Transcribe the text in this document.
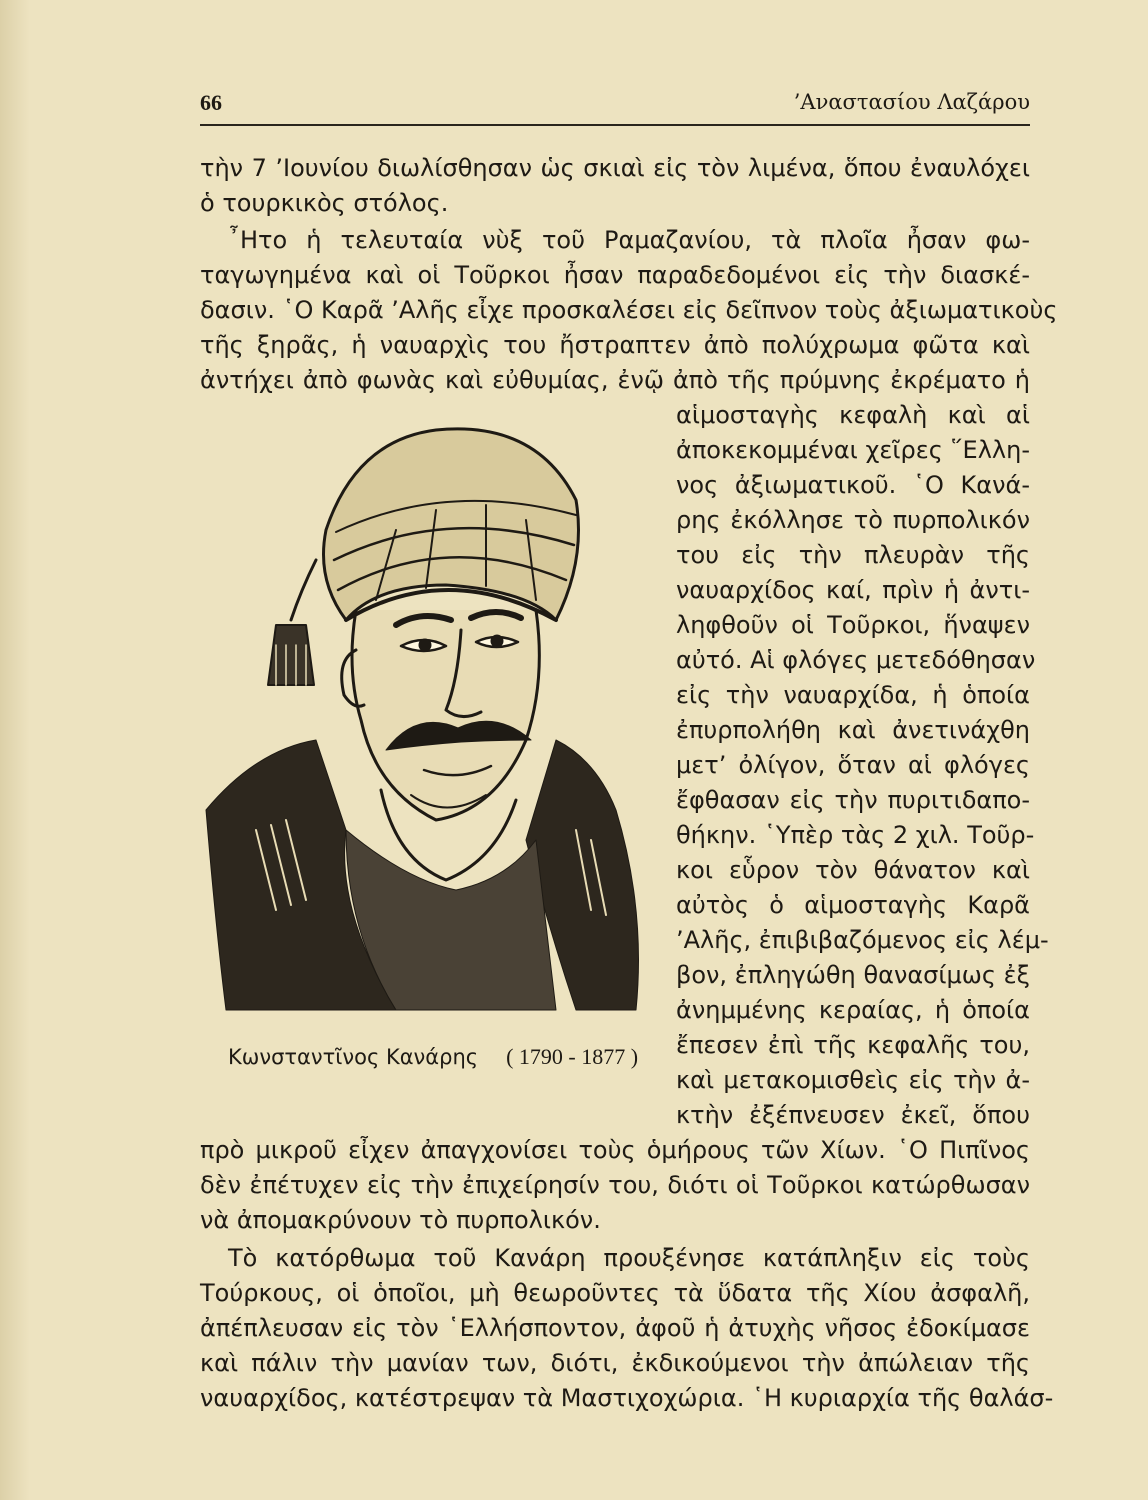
66	’Αναστασίου Λαζάρου

τὴν 7 ’Ιουνίου διωλίσθησαν ὡς σκιαὶ εἰς τὸν λιμένα, ὅπου ἐναυλόχει

ὁ τουρκικὸς στόλος.

῏Ητο ἡ τελευταία νὺξ τοῦ Ραμαζανίου, τὰ πλοῖα ἦσαν φω-

ταγωγημένα καὶ οἱ Τοῦρκοι ἦσαν παραδεδομένοι εἰς τὴν διασκέ-

δασιν. ῾Ο Καρᾶ ’Αλῆς εἶχε προσκαλέσει εἰς δεῖπνον τοὺς ἀξιωματικοὺς

τῆς ξηρᾶς, ἡ ναυαρχὶς του ἤστραπτεν ἀπὸ πολύχρωμα φῶτα καὶ

ἀντήχει ἀπὸ φωνὰς καὶ εὐθυμίας, ἐνῷ ἀπὸ τῆς πρύμνης ἐκρέματο ἡ

αἱμοσταγὴς κεφαλὴ καὶ αἱ

ἀποκεκομμέναι χεῖρες ῞Ελλη-

νος ἀξιωματικοῦ. ῾Ο Κανά-

ρης ἐκόλλησε τὸ πυρπολικόν

του εἰς τὴν πλευρὰν τῆς

ναυαρχίδος καί, πρὶν ἡ ἀντι-

ληφθοῦν οἱ Τοῦρκοι, ἥναψεν

αὐτό. Αἱ φλόγες μετεδόθησαν

εἰς τὴν ναυαρχίδα, ἡ ὁποία

ἐπυρπολήθη καὶ ἀνετινάχθη

μετ’ ὀλίγον, ὅταν αἱ φλόγες

ἔφθασαν εἰς τὴν πυριτιδαπο-

θήκην. ῾Υπὲρ τὰς 2 χιλ. Τοῦρ-

κοι εὗρον τὸν θάνατον καὶ

αὐτὸς ὁ αἱμοσταγὴς Καρᾶ

’Αλῆς, ἐπιβιβαζόμενος εἰς λέμ-

βον, ἐπληγώθη θανασίμως ἐξ

ἀνημμένης κεραίας, ἡ ὁποία

ἔπεσεν ἐπὶ τῆς κεφαλῆς του,

καὶ μετακομισθεὶς εἰς τὴν ἀ-

κτὴν ἐξέπνευσεν ἐκεῖ, ὅπου

Κωνσταντῖνος Κανάρης ( 1790 - 1877 )

πρὸ μικροῦ εἶχεν ἀπαγχονίσει τοὺς ὁμήρους τῶν Χίων. ῾Ο Πιπῖνος

δὲν ἐπέτυχεν εἰς τὴν ἐπιχείρησίν του, διότι οἱ Τοῦρκοι κατώρθωσαν

νὰ ἀπομακρύνουν τὸ πυρπολικόν.

Τὸ κατόρθωμα τοῦ Κανάρη προυξένησε κατάπληξιν εἰς τοὺς

Τούρκους, οἱ ὁποῖοι, μὴ θεωροῦντες τὰ ὕδατα τῆς Χίου ἀσφαλῆ,

ἀπέπλευσαν εἰς τὸν ῾Ελλήσποντον, ἀφοῦ ἡ ἀτυχὴς νῆσος ἐδοκίμασε

καὶ πάλιν τὴν μανίαν των, διότι, ἐκδικούμενοι τὴν ἀπώλειαν τῆς

ναυαρχίδος, κατέστρεψαν τὰ Μαστιχοχώρια. ῾Η κυριαρχία τῆς θαλάσ-
